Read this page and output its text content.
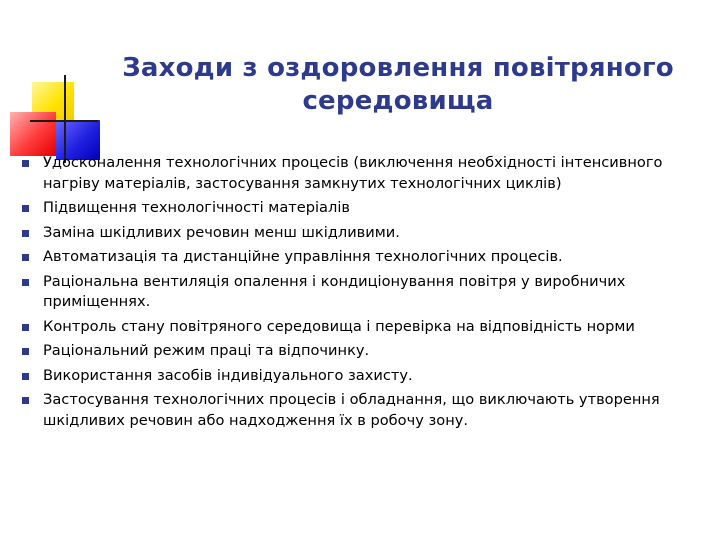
Заходи з оздоровлення повітряного середовища
Удосконалення технологічних процесів (виключення необхідності інтенсивного нагріву матеріалів, застосування замкнутих технологічних циклів)
Підвищення технологічності матеріалів
Заміна шкідливих речовин менш шкідливими.
Автоматизація та дистанційне управління технологічних процесів.
Раціональна вентиляція опалення і кондиціонування повітря у виробничих приміщеннях.
Контроль стану повітряного середовища і перевірка на відповідність норми
Раціональний режим праці та відпочинку.
Використання засобів індивідуального захисту.
Застосування технологічних процесів і обладнання, що виключають утворення шкідливих речовин або надходження їх в робочу зону.
